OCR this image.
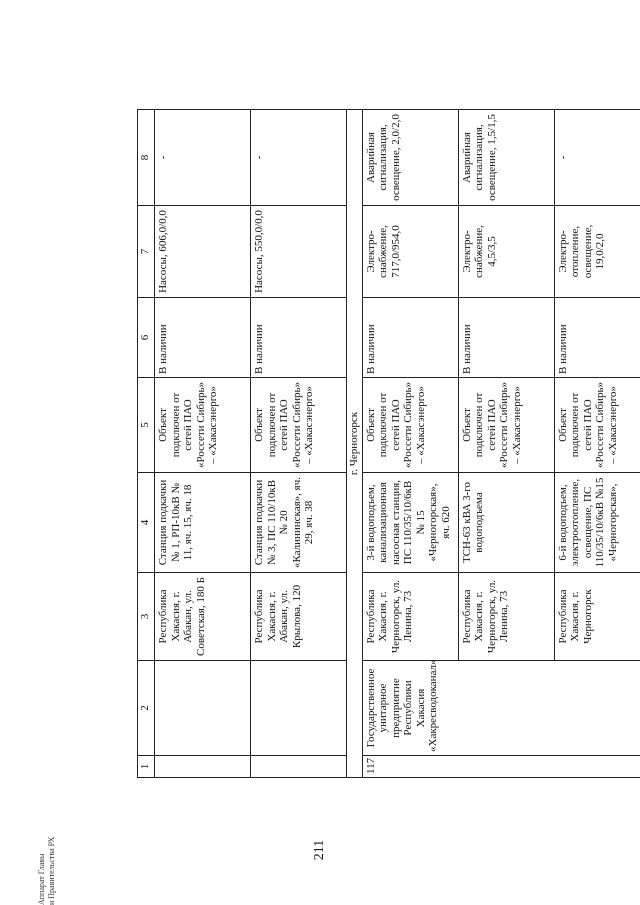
211
Аппарат Главы и Правительства РХ
1	2	3	4	5	6	7	8
		Республика Хакасия, г. Абакан, ул. Советская, 180 Б	Станция подкачки № 1, РП-10кВ № 11, яч. 15, яч. 18	Объект подключен от сетей ПАО «Россети Сибирь» – «Хакасэнерго»	В наличии	Насосы, 606,0/0,0	-
		Республика Хакасия, г. Абакан, ул. Крылова, 120	Станция подкачки № 3, ПС 110/10кВ № 20 «Калининская», яч. 29, яч. 38	Объект подключен от сетей ПАО «Россети Сибирь» – «Хакасэнерго»	В наличии	Насосы, 550,0/0,0	-
г. Черногорск							
117	Государственное унитарное предприятие Республики Хакасия «Хакресводоканал»	Республика Хакасия, г. Черногорск, ул. Ленина, 73	3-й водоподъем, канализационная насосная станция, ПС 110/35/10/6кВ № 15 «Черногорская», яч. 620	Объект подключен от сетей ПАО «Россети Сибирь» – «Хакасэнерго»	В наличии	Электро-снабжение, 717,0/954,0	Аварийная сигнализация, освещение, 2,0/2,0
		Республика Хакасия, г. Черногорск, ул. Ленина, 73	ТСН-63 кВА 3-го водоподъема	Объект подключен от сетей ПАО «Россети Сибирь» – «Хакасэнерго»	В наличии	Электро-снабжение, 4,5/3,5	Аварийная сигнализация, освещение, 1,5/1,5
		Республика Хакасия, г. Черногорск	6-й водоподъем, электроотопление, освещение, ПС 110/35/10/6кВ №15 «Черногорская»,	Объект подключен от сетей ПАО «Россети Сибирь» – «Хакасэнерго»	В наличии	Электро-отопление, освещение, 19,0/2,0	-
